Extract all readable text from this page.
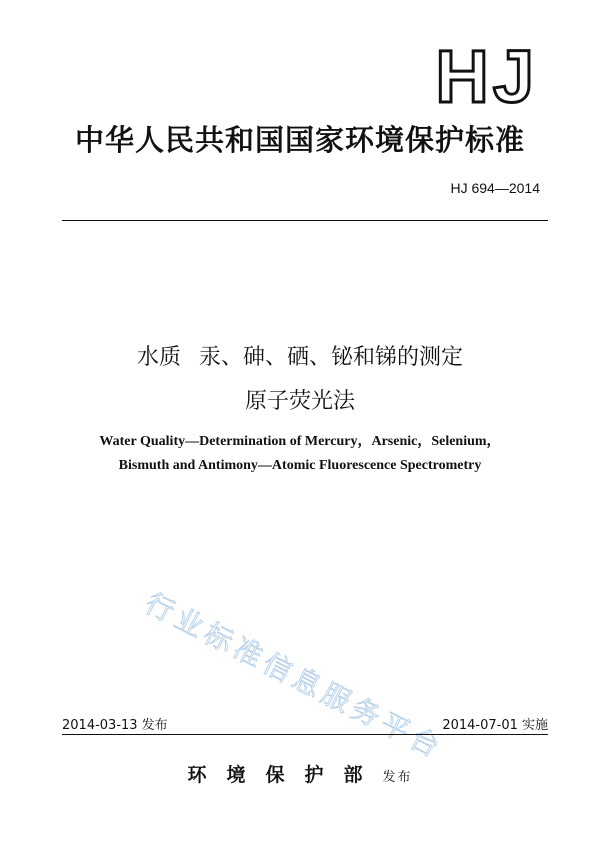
HJ
中华人民共和国国家环境保护标准
HJ 694—2014
水质 汞、砷、硒、铋和锑的测定
原子荧光法
Water Quality—Determination of Mercury，Arsenic，Selenium，
Bismuth and Antimony—Atomic Fluorescence Spectrometry
行业标准信息服务平台
2014-03-13 发布	2014-07-01 实施
环境保护部发布
